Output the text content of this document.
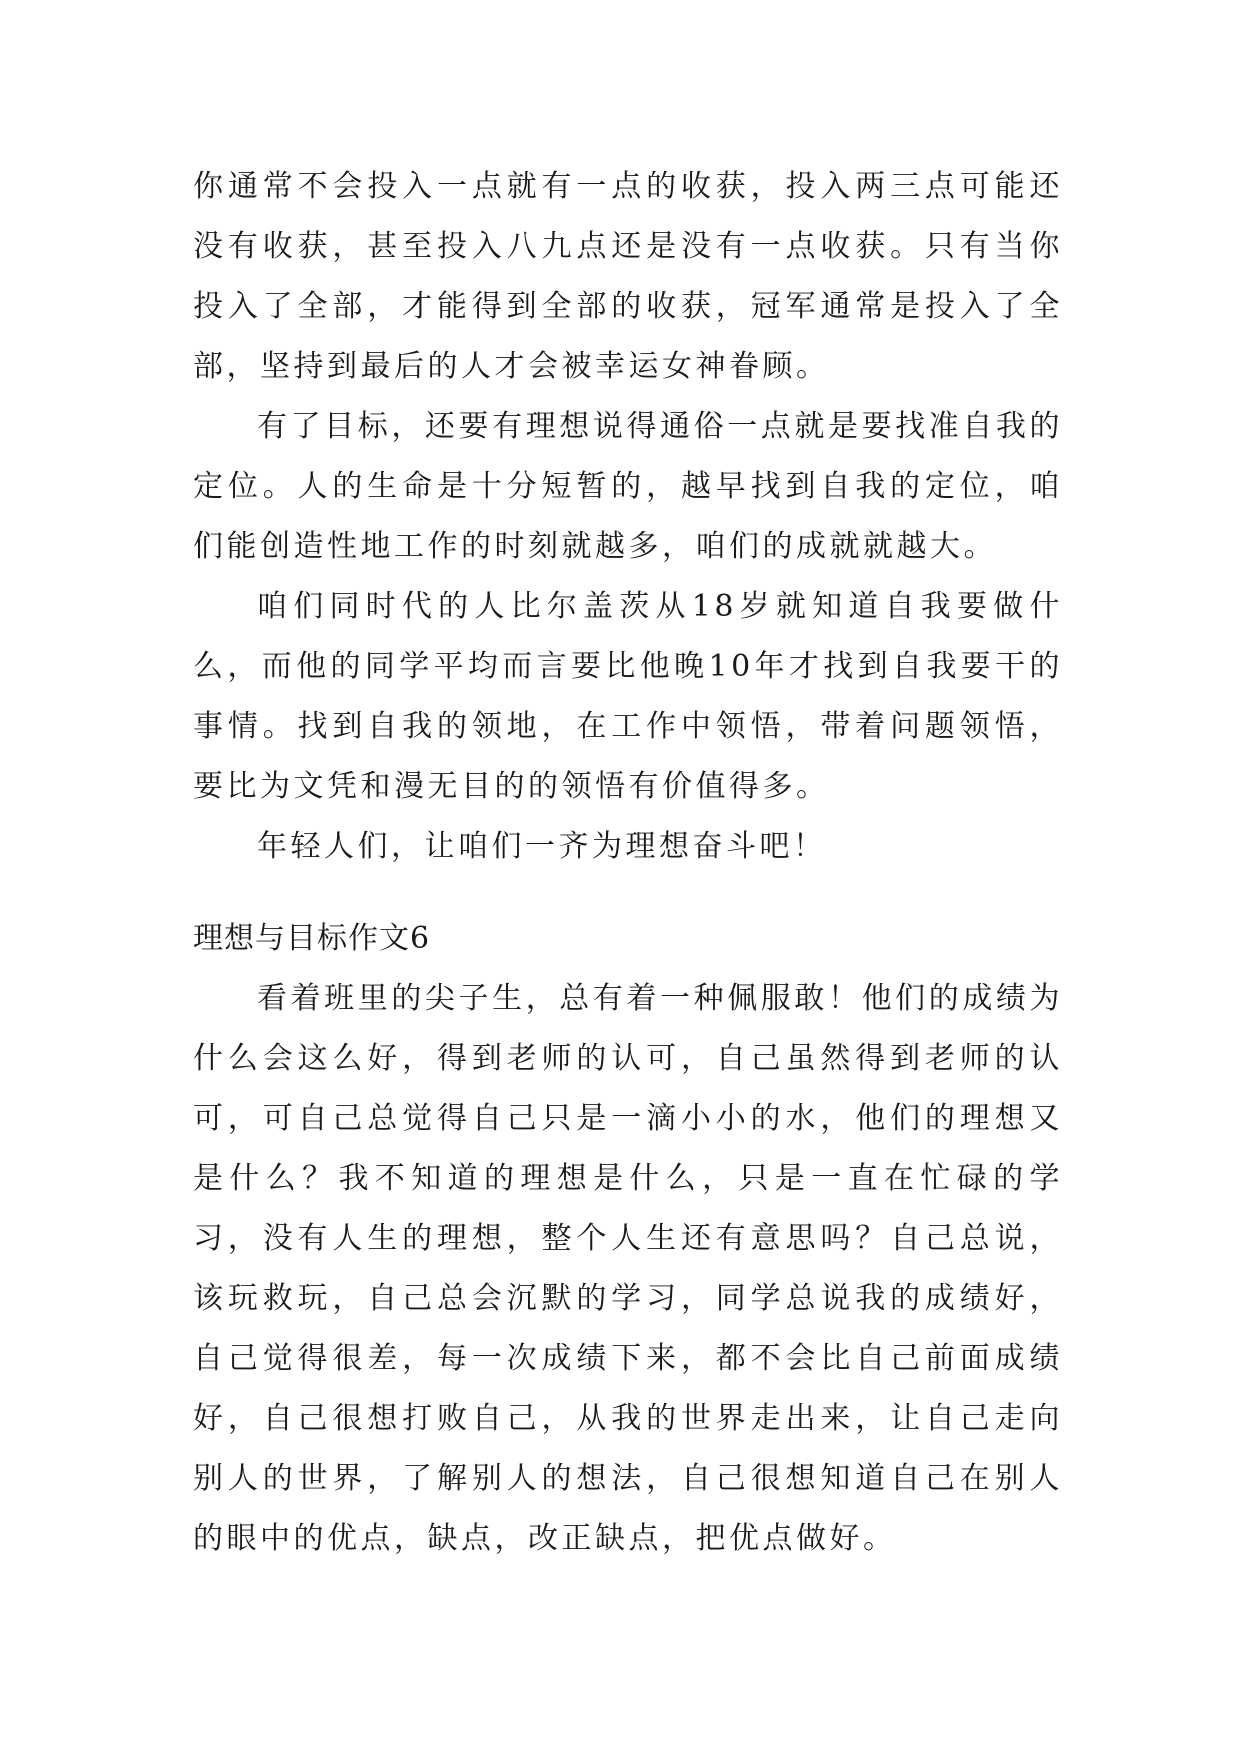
你通常不会投入一点就有一点的收获，投入两三点可能还没有收获，甚至投入八九点还是没有一点收获。只有当你投入了全部，才能得到全部的收获，冠军通常是投入了全部，坚持到最后的人才会被幸运女神眷顾。

有了目标，还要有理想说得通俗一点就是要找准自我的定位。人的生命是十分短暂的，越早找到自我的定位，咱们能创造性地工作的时刻就越多，咱们的成就就越大。

咱们同时代的人比尔盖茨从18岁就知道自我要做什么，而他的同学平均而言要比他晚10年才找到自我要干的事情。找到自我的领地，在工作中领悟，带着问题领悟，要比为文凭和漫无目的的领悟有价值得多。

年轻人们，让咱们一齐为理想奋斗吧！

理想与目标作文6

看着班里的尖子生，总有着一种佩服敢！他们的成绩为什么会这么好，得到老师的认可，自己虽然得到老师的认可，可自己总觉得自己只是一滴小小的水，他们的理想又是什么？我不知道的理想是什么，只是一直在忙碌的学习，没有人生的理想，整个人生还有意思吗？自己总说，该玩救玩，自己总会沉默的学习，同学总说我的成绩好，自己觉得很差，每一次成绩下来，都不会比自己前面成绩好，自己很想打败自己，从我的世界走出来，让自己走向别人的世界，了解别人的想法，自己很想知道自己在别人的眼中的优点，缺点，改正缺点，把优点做好。
